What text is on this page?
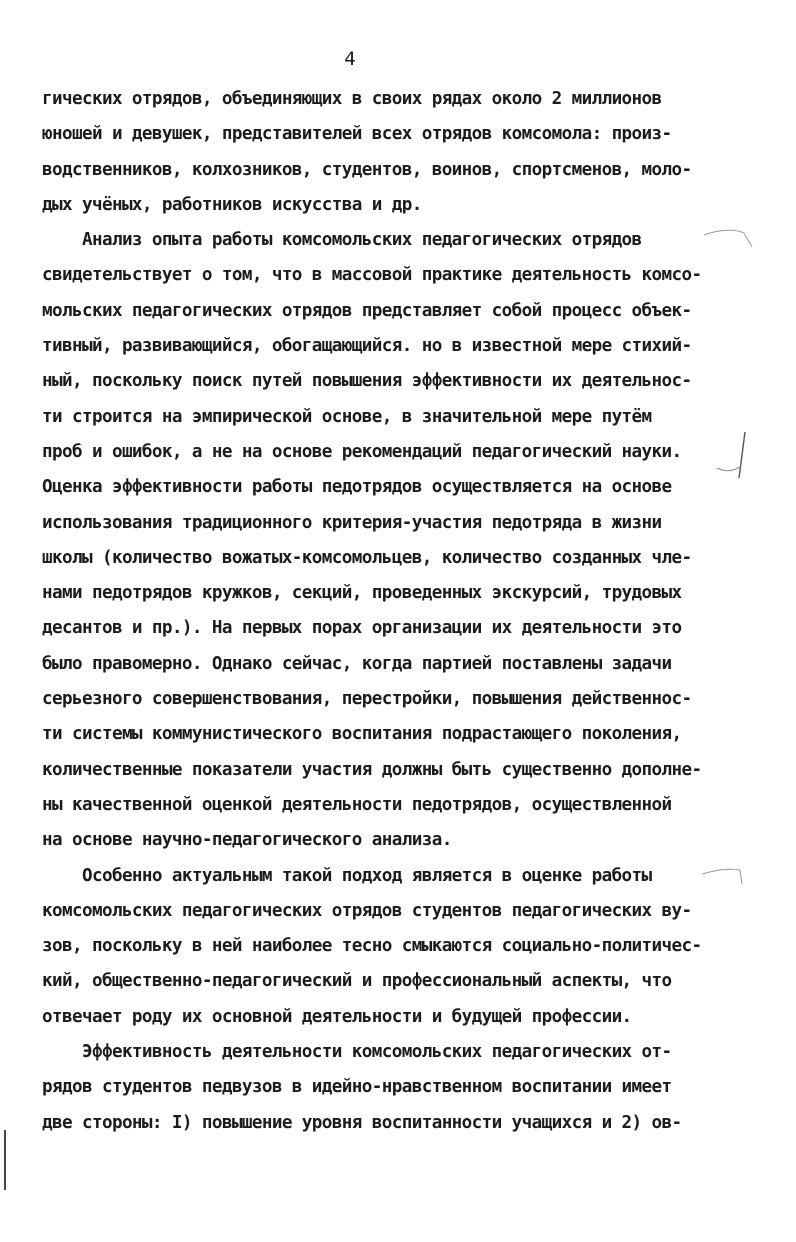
4
гических отрядов, объединяющих в своих рядах около 2 миллионов
юношей и девушек, представителей всех отрядов комсомола: произ-
водственников, колхозников, студентов, воинов, спортсменов, моло-
дых учёных, работников искусства и др.
Анализ опыта работы комсомольских педагогических отрядов
свидетельствует о том, что в массовой практике деятельность комсо-
мольских педагогических отрядов представляет собой процесс объек-
тивный, развивающийся, обогащающийся. но в известной мере стихий-
ный, поскольку поиск путей повышения эффективности их деятельнос-
ти строится на эмпирической основе, в значительной мере путём
проб и ошибок, а не на основе рекомендаций педагогический науки.
Оценка эффективности работы педотрядов осуществляется на основе
использования традиционного критерия-участия педотряда в жизни
школы (количество вожатых-комсомольцев, количество созданных чле-
нами педотрядов кружков, секций, проведенных экскурсий, трудовых
десантов и пр.). На первых порах организации их деятельности это
было правомерно. Однако сейчас, когда партией поставлены задачи
серьезного совершенствования, перестройки, повышения действеннос-
ти системы коммунистического воспитания подрастающего поколения,
количественные показатели участия должны быть существенно дополне-
ны качественной оценкой деятельности педотрядов, осуществленной
на основе научно-педагогического анализа.
Особенно актуальным такой подход является в оценке работы
комсомольских педагогических отрядов студентов педагогических ву-
зов, поскольку в ней наиболее тесно смыкаются социально-политичес-
кий, общественно-педагогический и профессиональный аспекты, что
отвечает роду их основной деятельности и будущей профессии.
Эффективность деятельности комсомольских педагогических от-
рядов студентов педвузов в идейно-нравственном воспитании имеет
две стороны: I) повышение уровня воспитанности учащихся и 2) ов-
